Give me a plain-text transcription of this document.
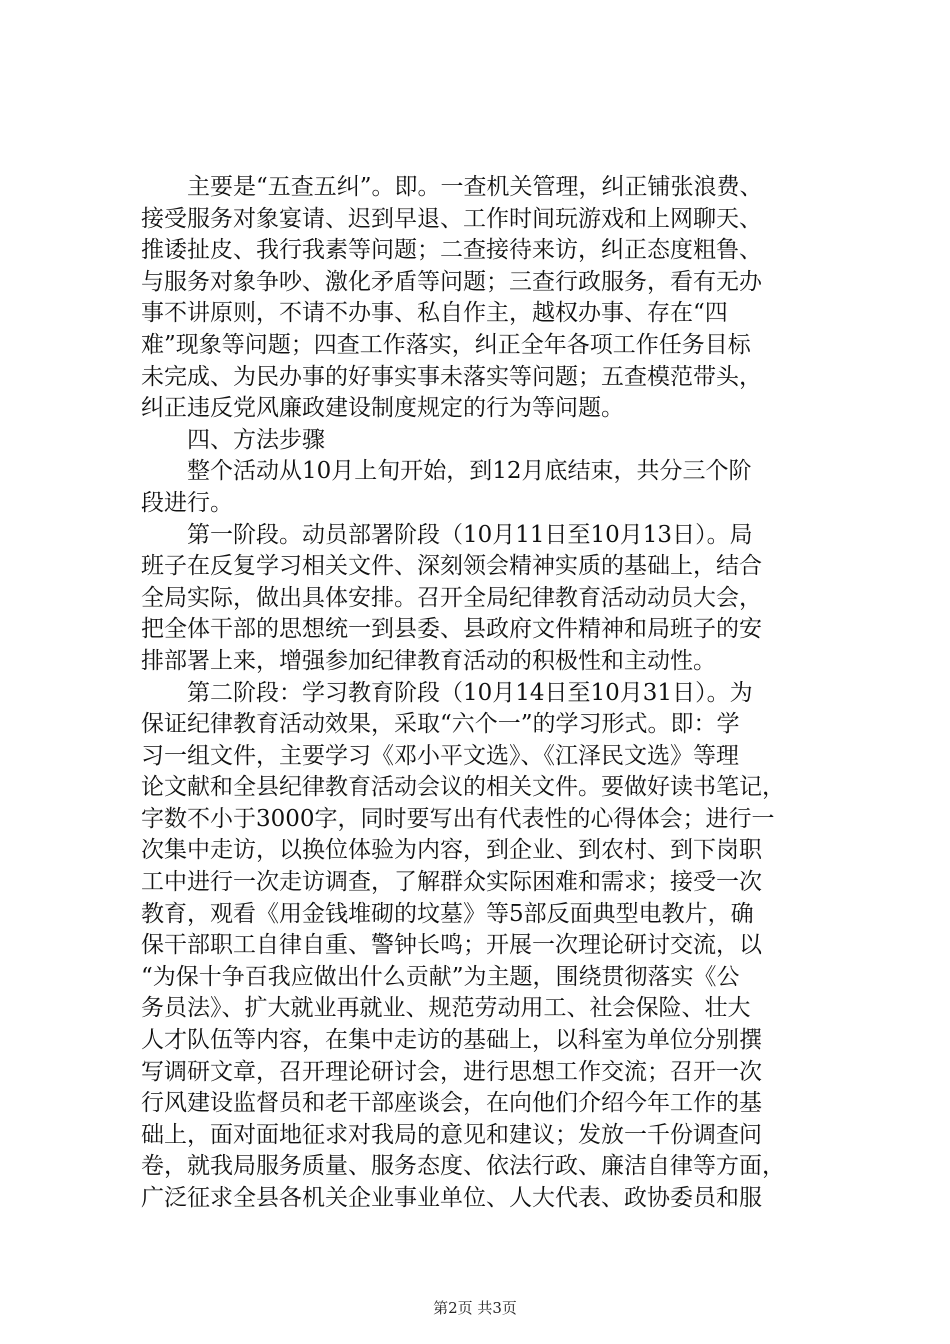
主要是“五查五纠”。即。一查机关管理，纠正铺张浪费、
接受服务对象宴请、迟到早退、工作时间玩游戏和上网聊天、
推诿扯皮、我行我素等问题；二查接待来访，纠正态度粗鲁、
与服务对象争吵、激化矛盾等问题；三查行政服务，看有无办
事不讲原则，不请不办事、私自作主，越权办事、存在“四
难”现象等问题；四查工作落实，纠正全年各项工作任务目标
未完成、为民办事的好事实事未落实等问题；五查模范带头，
纠正违反党风廉政建设制度规定的行为等问题。
四、方法步骤
整个活动从10月上旬开始，到12月底结束，共分三个阶
段进行。
第一阶段。动员部署阶段（10月11日至10月13日）。局
班子在反复学习相关文件、深刻领会精神实质的基础上，结合
全局实际，做出具体安排。召开全局纪律教育活动动员大会，
把全体干部的思想统一到县委、县政府文件精神和局班子的安
排部署上来，增强参加纪律教育活动的积极性和主动性。
第二阶段：学习教育阶段（10月14日至10月31日）。为
保证纪律教育活动效果，采取“六个一”的学习形式。即：学
习一组文件，主要学习《邓小平文选》、《江泽民文选》等理
论文献和全县纪律教育活动会议的相关文件。要做好读书笔记，
字数不小于3000字，同时要写出有代表性的心得体会；进行一
次集中走访，以换位体验为内容，到企业、到农村、到下岗职
工中进行一次走访调查，了解群众实际困难和需求；接受一次
教育，观看《用金钱堆砌的坟墓》等5部反面典型电教片，确
保干部职工自律自重、警钟长鸣；开展一次理论研讨交流，以
“为保十争百我应做出什么贡献”为主题，围绕贯彻落实《公
务员法》、扩大就业再就业、规范劳动用工、社会保险、壮大
人才队伍等内容，在集中走访的基础上，以科室为单位分别撰
写调研文章，召开理论研讨会，进行思想工作交流；召开一次
行风建设监督员和老干部座谈会，在向他们介绍今年工作的基
础上，面对面地征求对我局的意见和建议；发放一千份调查问
卷，就我局服务质量、服务态度、依法行政、廉洁自律等方面，
广泛征求全县各机关企业事业单位、人大代表、政协委员和服
第2页 共3页
